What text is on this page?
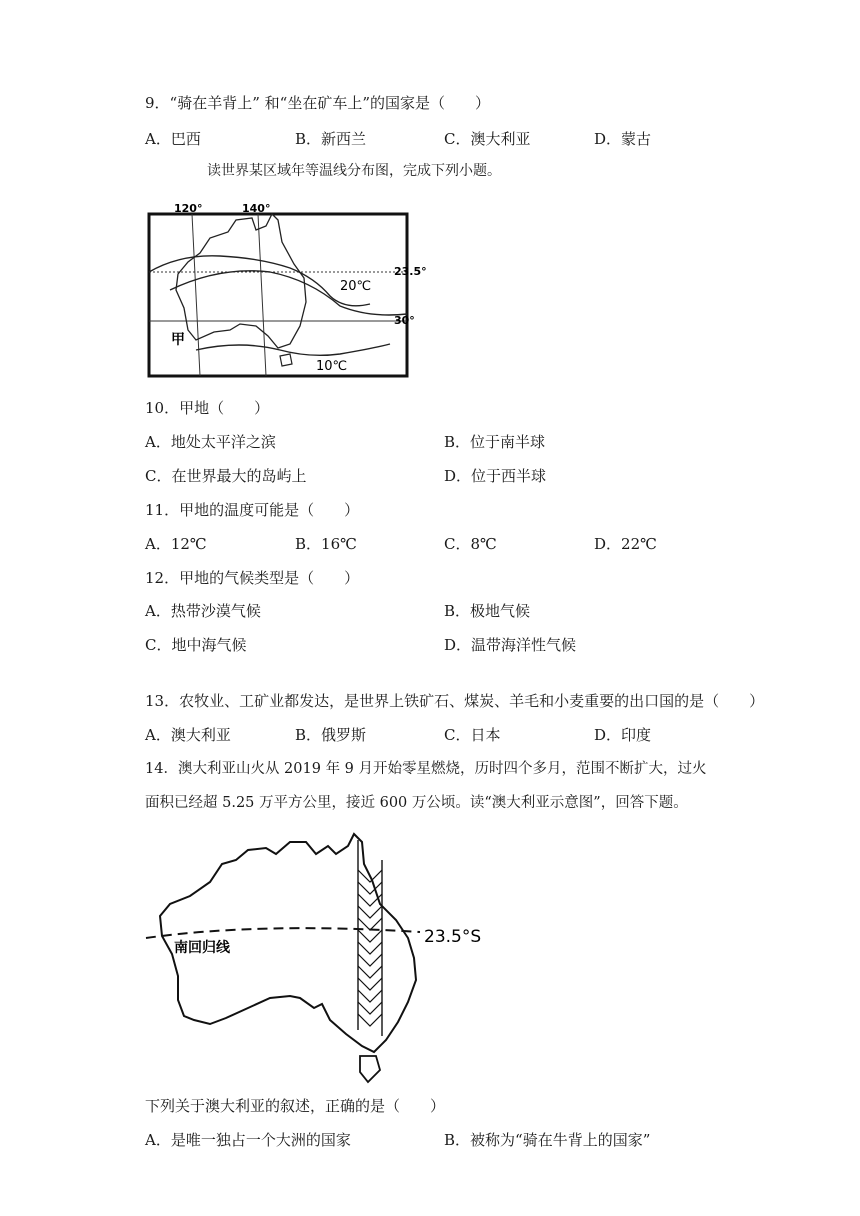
9．“骑在羊背上” 和“坐在矿车上”的国家是（　　）
A．巴西	B．新西兰	C．澳大利亚	D．蒙古
读世界某区域年等温线分布图，完成下列小题。
120°	140°
23.5°
30°
20℃
10℃
甲
10．甲地（　　）
A．地处太平洋之滨	B．位于南半球
C．在世界最大的岛屿上	D．位于西半球
11．甲地的温度可能是（　　）
A．12℃	B．16℃	C．8℃	D．22℃
12．甲地的气候类型是（　　）
A．热带沙漠气候	B．极地气候
C．地中海气候	D．温带海洋性气候
13．农牧业、工矿业都发达，是世界上铁矿石、煤炭、羊毛和小麦重要的出口国的是（　　）
A．澳大利亚	B．俄罗斯	C．日本	D．印度
14．澳大利亚山火从 2019 年 9 月开始零星燃烧，历时四个多月，范围不断扩大，过火
面积已经超 5.25 万平方公里，接近 600 万公顷。读“澳大利亚示意图”，回答下题。
南回归线
23.5°S
下列关于澳大利亚的叙述，正确的是（　　）
A．是唯一独占一个大洲的国家	B．被称为“骑在牛背上的国家”
